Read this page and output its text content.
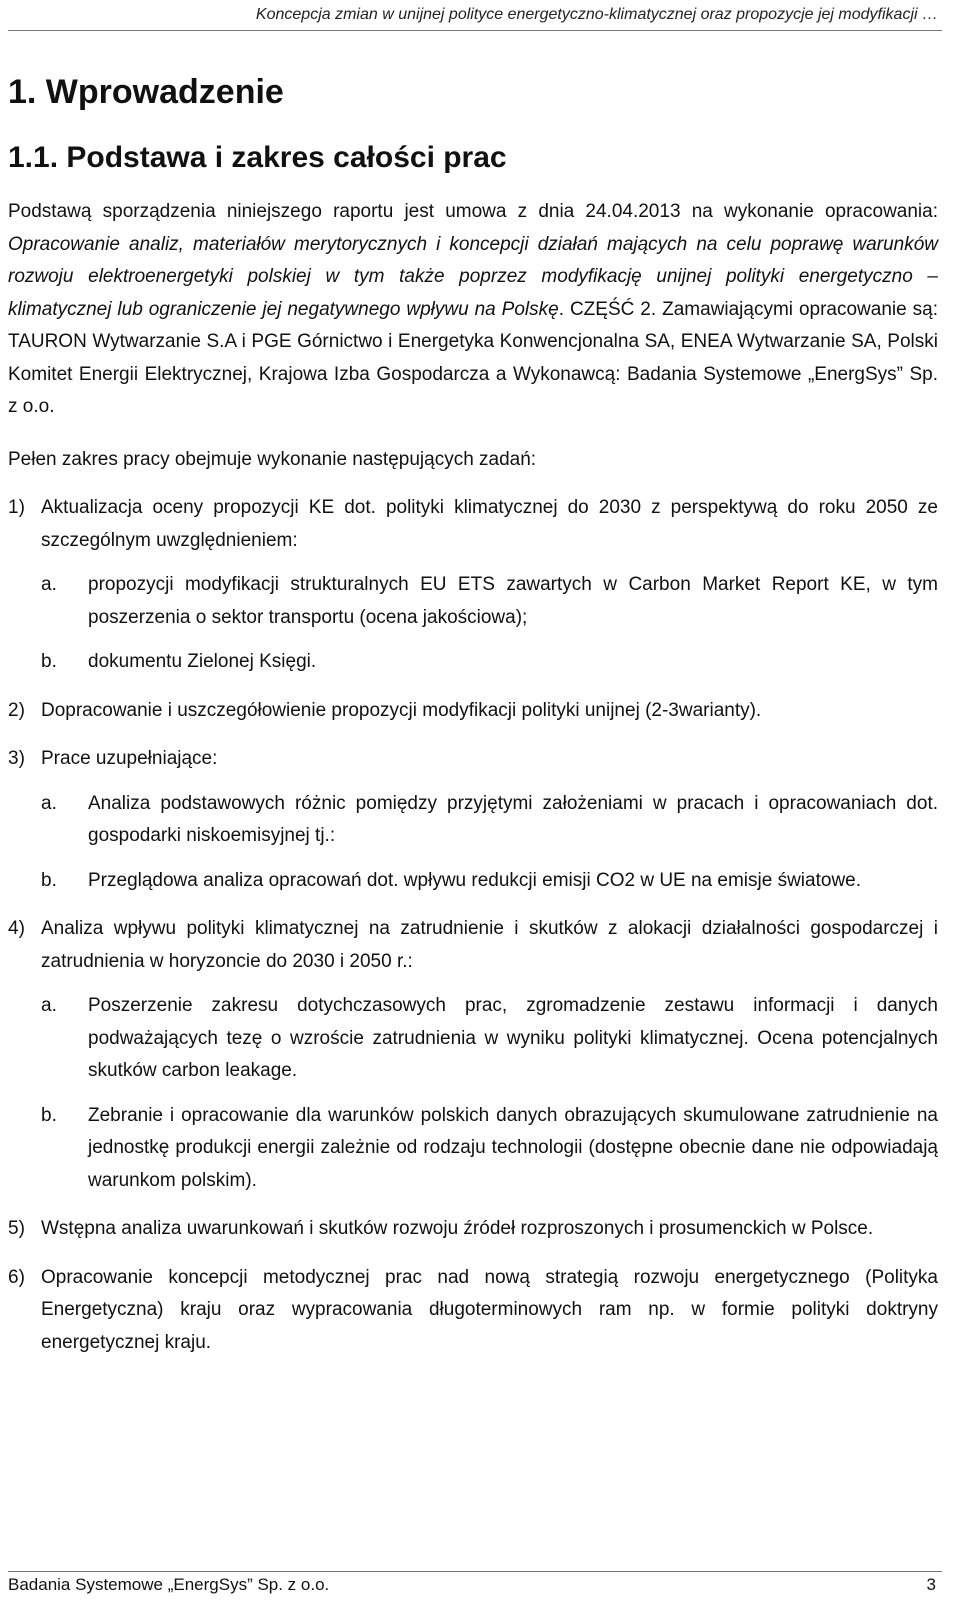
Koncepcja zmian w unijnej polityce energetyczno-klimatycznej oraz propozycje jej modyfikacji …
1. Wprowadzenie
1.1. Podstawa i zakres całości prac

Podstawą sporządzenia niniejszego raportu jest umowa z dnia 24.04.2013 na wykonanie opracowania: Opracowanie analiz, materiałów merytorycznych i koncepcji działań mających na celu poprawę warunków rozwoju elektroenergetyki polskiej w tym także poprzez modyfikację unijnej polityki energetyczno – klimatycznej lub ograniczenie jej negatywnego wpływu na Polskę. CZĘŚĆ 2. Zamawiającymi opracowanie są: TAURON Wytwarzanie S.A i PGE Górnictwo i Energetyka Konwencjonalna SA, ENEA Wytwarzanie SA, Polski Komitet Energii Elektrycznej, Krajowa Izba Gospodarcza a Wykonawcą: Badania Systemowe „EnergSys” Sp. z o.o.

Pełen zakres pracy obejmuje wykonanie następujących zadań:

1) Aktualizacja oceny propozycji KE dot. polityki klimatycznej do 2030 z perspektywą do roku 2050 ze szczególnym uwzględnieniem:
a. propozycji modyfikacji strukturalnych EU ETS zawartych w Carbon Market Report KE, w tym poszerzenia o sektor transportu (ocena jakościowa);
b. dokumentu Zielonej Księgi.
2) Dopracowanie i uszczegółowienie propozycji modyfikacji polityki unijnej (2-3warianty).
3) Prace uzupełniające:
a. Analiza podstawowych różnic pomiędzy przyjętymi założeniami w pracach i opracowaniach dot. gospodarki niskoemisyjnej tj.:
b. Przeglądowa analiza opracowań dot. wpływu redukcji emisji CO2 w UE na emisje światowe.
4) Analiza wpływu polityki klimatycznej na zatrudnienie i skutków z alokacji działalności gospodarczej i zatrudnienia w horyzoncie do 2030 i 2050 r.:
a. Poszerzenie zakresu dotychczasowych prac, zgromadzenie zestawu informacji i danych podważających tezę o wzroście zatrudnienia w wyniku polityki klimatycznej. Ocena potencjalnych skutków carbon leakage.
b. Zebranie i opracowanie dla warunków polskich danych obrazujących skumulowane zatrudnienie na jednostkę produkcji energii zależnie od rodzaju technologii (dostępne obecnie dane nie odpowiadają warunkom polskim).
5) Wstępna analiza uwarunkowań i skutków rozwoju źródeł rozproszonych i prosumenckich w Polsce.
6) Opracowanie koncepcji metodycznej prac nad nową strategią rozwoju energetycznego (Polityka Energetyczna) kraju oraz wypracowania długoterminowych ram np. w formie polityki doktryny energetycznej kraju.
Badania Systemowe „EnergSys” Sp. z o.o.	3
